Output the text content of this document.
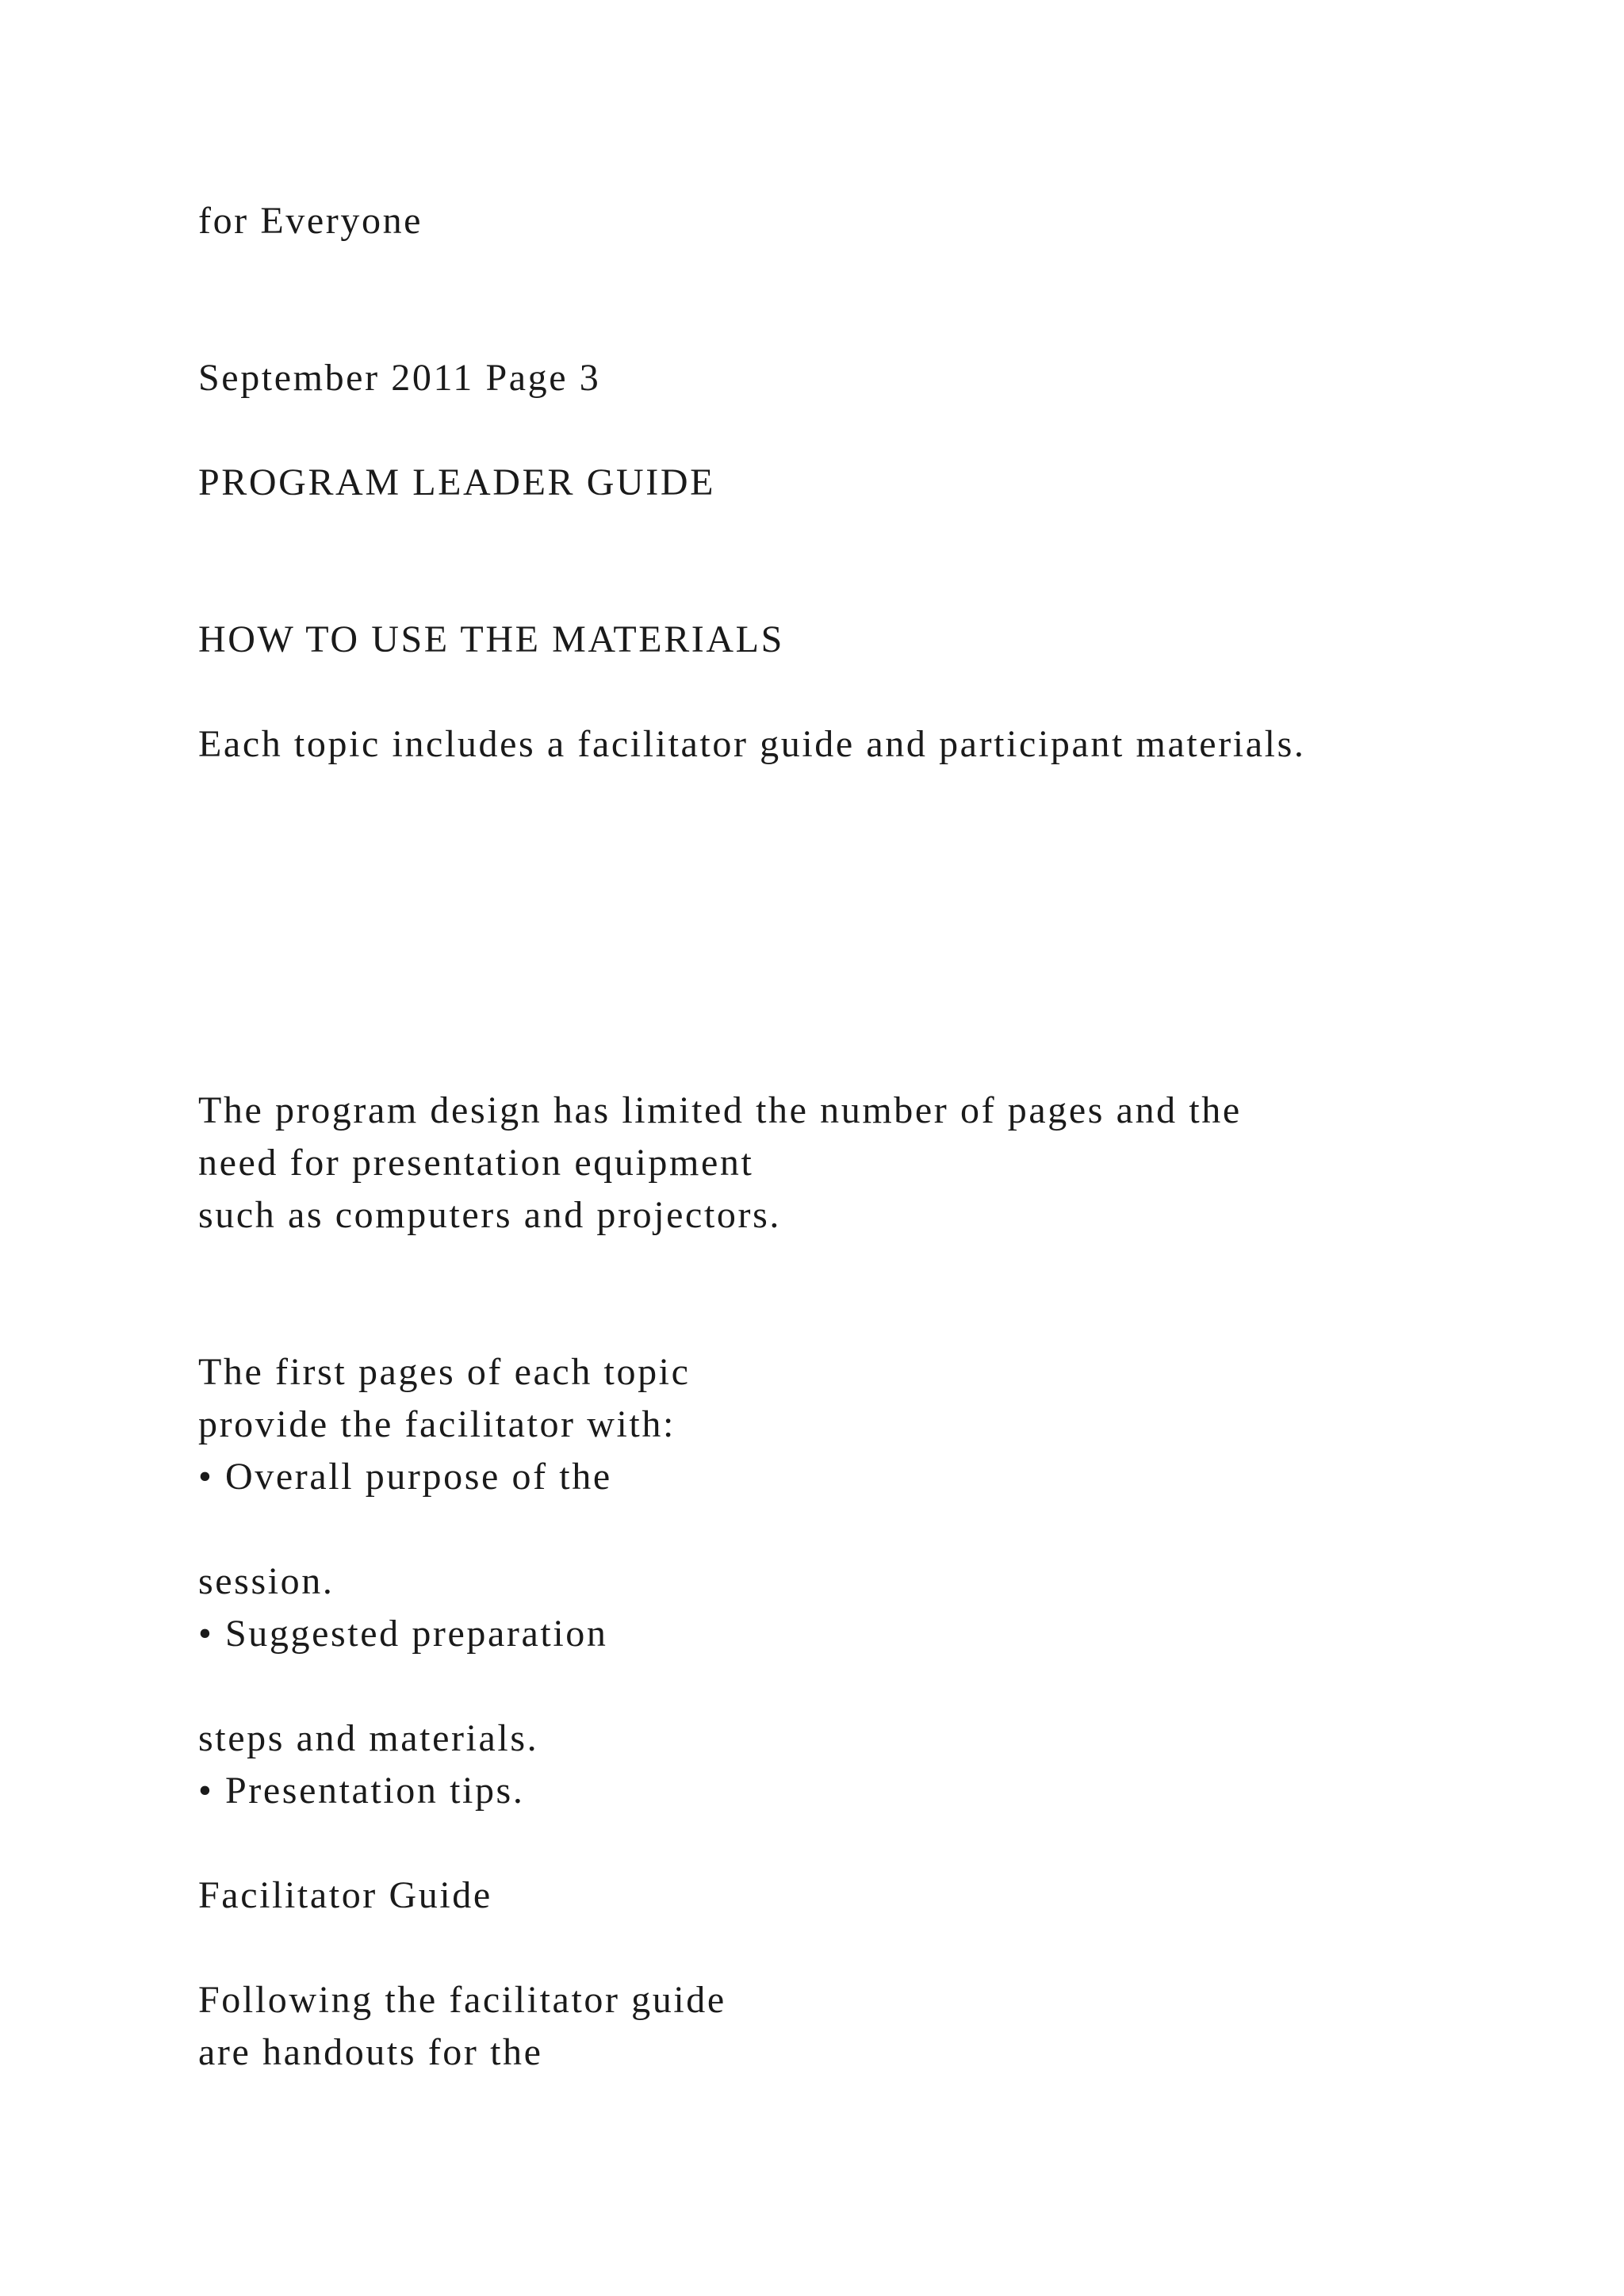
for Everyone

September 2011 Page 3

PROGRAM LEADER GUIDE

HOW TO USE THE MATERIALS

Each topic includes a facilitator guide and participant materials.

The program design has limited the number of pages and the

need for presentation equipment

such as computers and projectors.

The first pages of each topic

provide the facilitator with:

• Overall purpose of the

session.

• Suggested preparation

steps and materials.

• Presentation tips.

Facilitator Guide

Following the facilitator guide

are handouts for the
